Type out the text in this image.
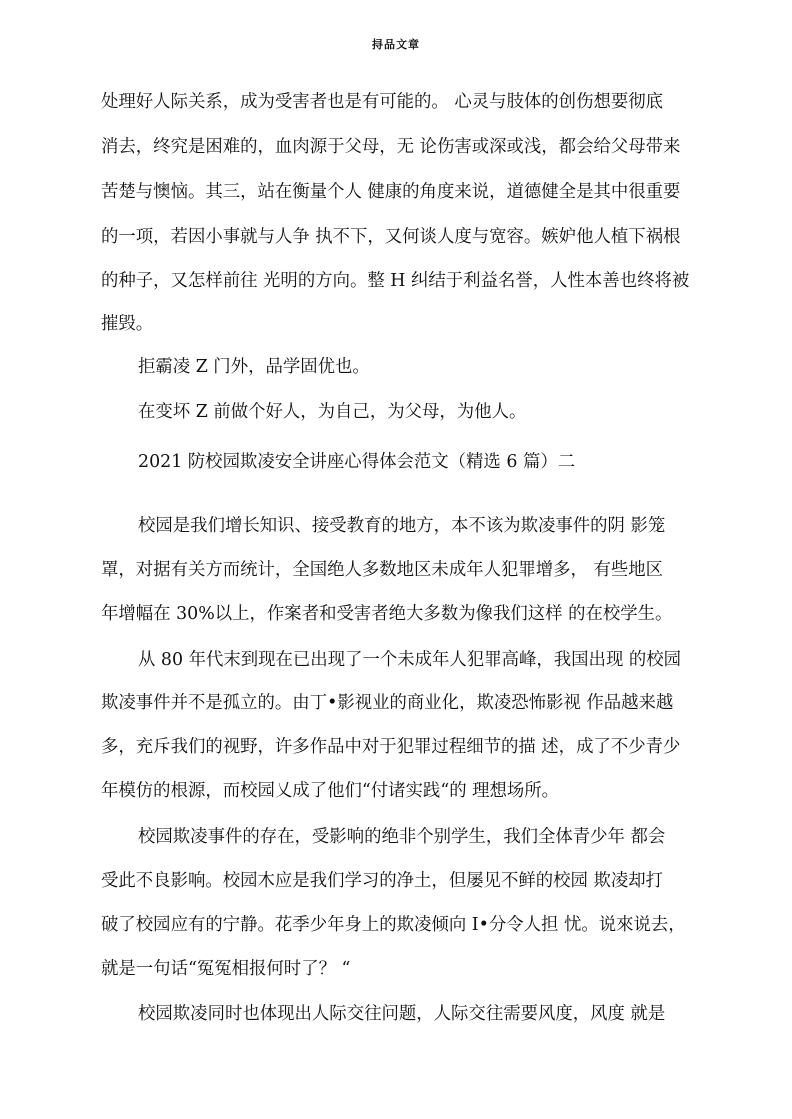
挦品文章
处理好人际关系，成为受害者也是有可能的。 心灵与肢体的创伤想要彻底
消去，终究是困难的，血肉源于父母，无 论伤害或深或浅，都会给父母带来
苦楚与懊恼。其三，站在衡量个人 健康的角度来说，道德健全是其中很重要
的一项，若因小事就与人争 执不下，又何谈人度与宽容。嫉妒他人植下祸根
的种子，又怎样前往 光明的方向。整 H 纠结于利益名誉，人性本善也终将被
摧毁。
拒霸凌 Z 门外，品学固优也。
在变坏 Z 前做个好人，为自己，为父母，为他人。
2021 防校园欺凌安全讲座心得体会范文（精选 6 篇）二
校园是我们增长知识、接受教育的地方，本不该为欺凌事件的阴 影笼
罩，对据有关方而统计，全国绝人多数地区未成年人犯罪增多， 有些地区
年增幅在 30%以上，作案者和受害者绝大多数为像我们这样 的在校学生。
从 80 年代末到现在已出现了一个未成年人犯罪高峰，我国出现 的校园
欺凌事件并不是孤立的。由丁•影视业的商业化，欺凌恐怖影视 作品越来越
多，充斥我们的视野，许多作品中对于犯罪过程细节的描 述，成了不少青少
年模仿的根源，而校园乂成了他们“付诸实践“的 理想场所。
校园欺凌事件的存在，受影响的绝非个别学生，我们全体青少年 都会
受此不良影响。校园木应是我们学习的净土，但屡见不鲜的校园 欺凌却打
破了校园应有的宁静。花季少年身上的欺凌倾向 I•分令人担 忧。说來说去，
就是一句话“冤冤相报何时了？ “
校园欺凌同时也体现出人际交往问题，人际交往需要风度，风度 就是
